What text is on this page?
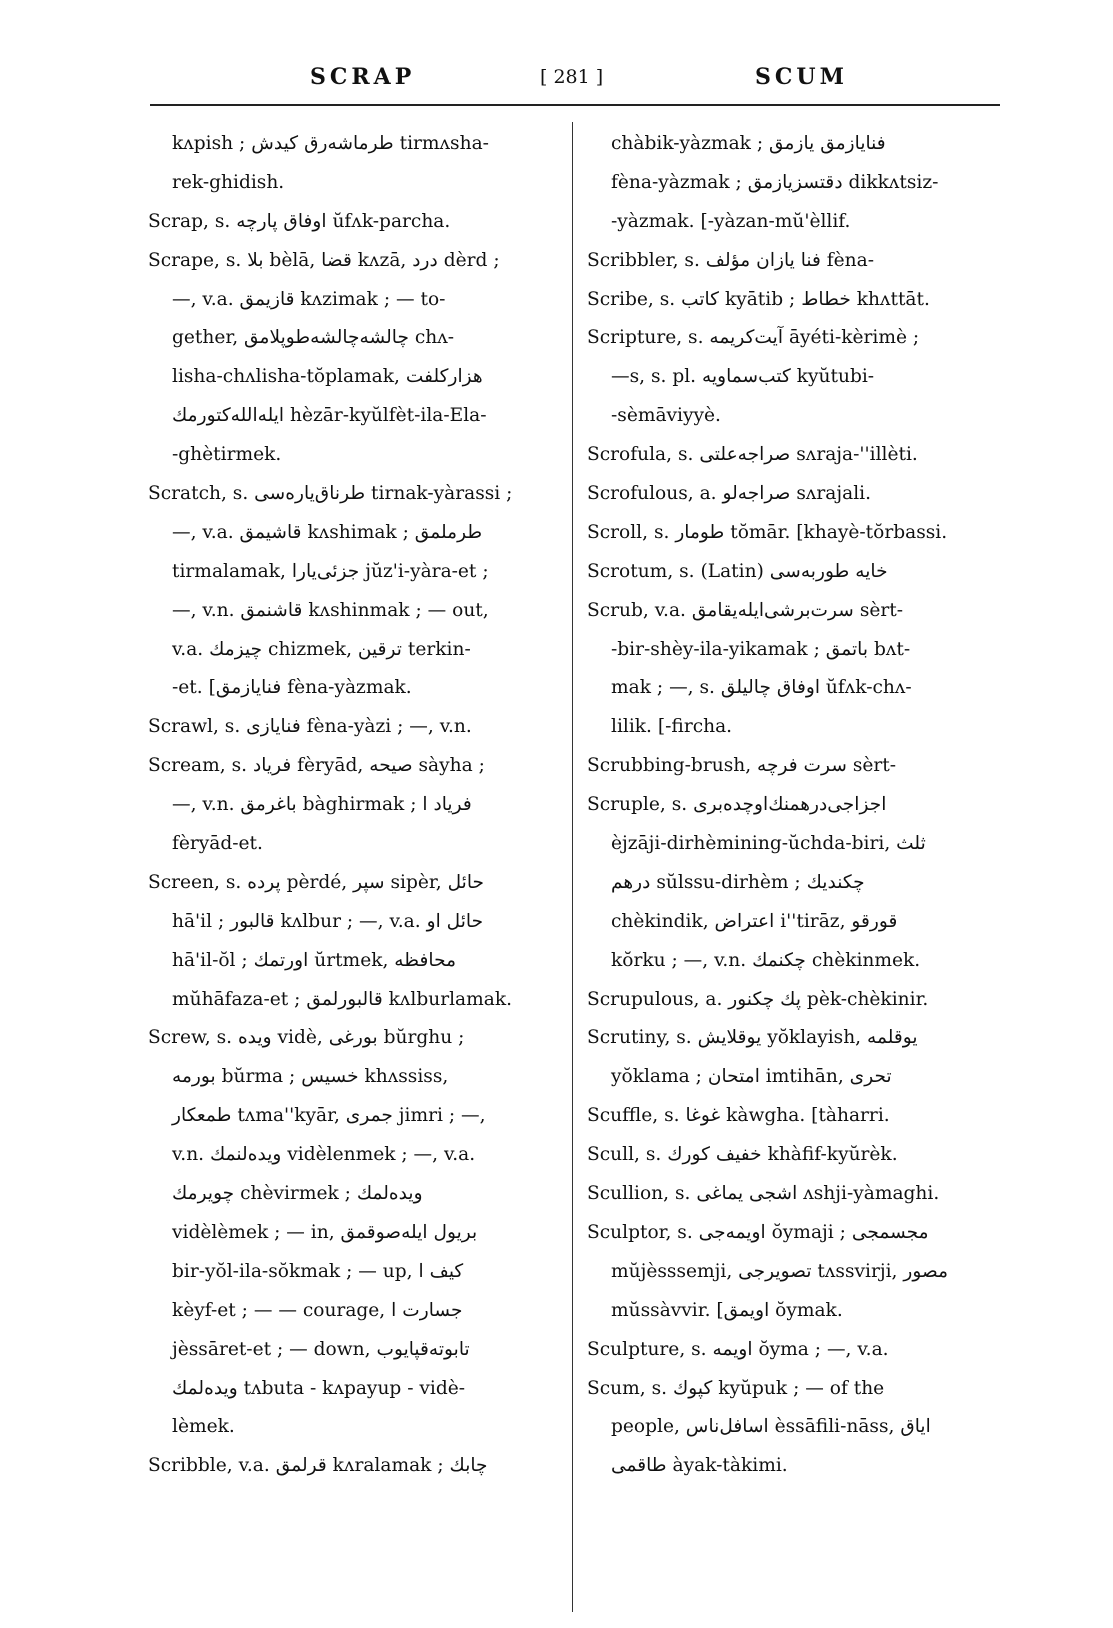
SCRAP	[ 281 ]	SCUM
kʌpish ; طرماشه‌رق كيدش tirmʌsha-
rek-ghidish.
Scrap, s. اوفاق پارچه ŭfʌk-parcha.
Scrape, s. بلا bèlā, قضا kʌzā, درد dèrd ;
—, v.a. قازيمق kʌzimak ; — to-
gether, چالشه‌چالشه‌طوپلامق chʌ-
lisha-chʌlisha-tŏplamak, هزاركلفت
ايله‌الله‌كتورمك hèzār-kyŭlfèt-ila-Ela-
-ghètirmek.
Scratch, s. طرناق‌يارەسى tirnak-yàrassi ;
—, v.a. قاشيمق kʌshimak ; طرملمق
tirmalamak, جزئى‌يارا jŭz'i-yàra-et ;
—, v.n. قاشنمق kʌshinmak ; — out,
v.a. چيزمك chizmek, ترقين terkin-
-et. [فنايازمق fèna-yàzmak.
Scrawl, s. فنايازى fèna-yàzi ; —, v.n.
Scream, s. فرياد fèryād, صيحه sàyha ;
—, v.n. باغرمق bàghirmak ; فرياد ا
fèryād-et.
Screen, s. پرده pèrdé, سپر sipèr, حائل
hā'il ; قالبور kʌlbur ; —, v.a. حائل او
hā'il-ŏl ; اورتمك ŭrtmek, محافظه
mŭhāfaza-et ; قالبورلمق kʌlburlamak.
Screw, s. ويده vidè, بورغى bŭrghu ;
بورمه bŭrma ; خسيس khʌssiss,
طمعكار tʌma''kyār, جمرى jimri ; —,
v.n. ويده‌لنمك vidèlenmek ; —, v.a.
چويرمك chèvirmek ; ويده‌لمك
vidèlèmek ; — in, بريول ايله‌صوقمق
bir-yŏl-ila-sŏkmak ; — up, كيف ا
kèyf-et ; — — courage, جسارت ا
jèssāret-et ; — down, تابوته‌قپايوب
ويده‌لمك tʌbuta - kʌpayup - vidè-
lèmek.
Scribble, v.a. قرلمق kʌralamak ; چابك
chàbik-yàzmak ; فنايازمق يازمق
fèna-yàzmak ; دقتسزيازمق dikkʌtsiz-
-yàzmak. [-yàzan-mŭ'èllif.
Scribbler, s. فنا يازان مؤلف fèna-
Scribe, s. كاتب kyātib ; خطاط khʌttāt.
Scripture, s. آيت‌كريمه āyéti-kèrimè ;
—s, s. pl. كتب‌سماويه kyŭtubi-
-sèmāviyyè.
Scrofula, s. صراجه‌علتى sʌraja-''illèti.
Scrofulous, a. صراجه‌لو sʌrajali.
Scroll, s. طومار tŏmār. [khayè-tŏrbassi.
Scrotum, s. (Latin) خايه طوربەسى
Scrub, v.a. سرت‌برشى‌ايله‌يقامق sèrt-
-bir-shèy-ila-yikamak ; باتمق bʌt-
mak ; —, s. اوفاق چاليلق ŭfʌk-chʌ-
lilik. [-firchа.
Scrubbing-brush, سرت فرچه sèrt-
Scruple, s. اجزاجى‌درهمنك‌اوچده‌برى
èjzāji-dirhèmining-ŭchda-biri, ثلث
درهم sŭlssu-dirhèm ; چكنديك
chèkindik, اعتراض i''tirāz, قورقو
kŏrku ; —, v.n. چكنمك chèkinmek.
Scrupulous, a. پك چكنور pèk-chèkinir.
Scrutiny, s. يوقلايش yŏklayish, يوقلمه
yŏklama ; امتحان imtihān, تحرى
Scuffle, s. غوغا kàwgha. [tàharri.
Scull, s. خفيف كورك khàfif-kyŭrèk.
Scullion, s. اشجى يماغى ʌshji-yàmaghi.
Sculptor, s. اويمه‌جى ŏymaji ; مجسمجى
mŭjèsssemji, تصويرجى tʌssvirji, مصور
mŭssàvvir. [اويمق ŏymak.
Sculpture, s. اويمه ŏyma ; —, v.a.
Scum, s. كپوك kyŭpuk ; — of the
people, اسافل‌ناس èssāfili-nāss, اياق
طاقمى àyak-tàkimi.
